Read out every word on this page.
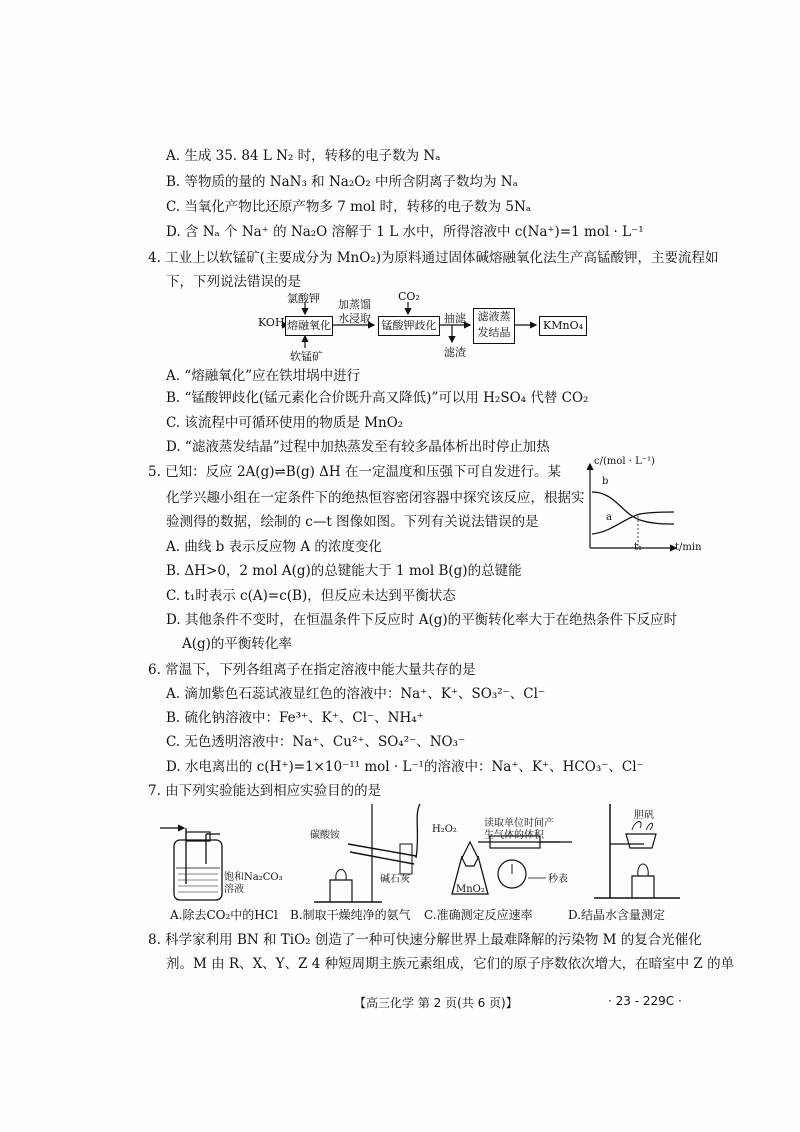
A. 生成 35. 84 L N₂ 时，转移的电子数为 Nₐ
B. 等物质的量的 NaN₃ 和 Na₂O₂ 中所含阴离子数均为 Nₐ
C. 当氧化产物比还原产物多 7 mol 时，转移的电子数为 5Nₐ
D. 含 Nₐ 个 Na⁺ 的 Na₂O 溶解于 1 L 水中，所得溶液中 c(Na⁺)=1 mol · L⁻¹
4. 工业上以软锰矿(主要成分为 MnO₂)为原料通过固体碱熔融氧化法生产高锰酸钾，主要流程如
下，下列说法错误的是
KOH
氯酸钾
熔融氧化
软锰矿
加蒸馏
水浸取
CO₂
锰酸钾歧化
抽滤
滤渣
滤液蒸
发结晶
KMnO₄
A. “熔融氧化”应在铁坩埚中进行
B. “锰酸钾歧化(锰元素化合价既升高又降低)”可以用 H₂SO₄ 代替 CO₂
C. 该流程中可循环使用的物质是 MnO₂
D. “滤液蒸发结晶”过程中加热蒸发至有较多晶体析出时停止加热
5. 已知：反应 2A(g)⇌B(g) ΔH 在一定温度和压强下可自发进行。某
化学兴趣小组在一定条件下的绝热恒容密闭容器中探究该反应，根据实
验测得的数据，绘制的 c—t 图像如图。下列有关说法错误的是
c/(mol · L⁻¹)
t/min
b
a
t₁
A. 曲线 b 表示反应物 A 的浓度变化
B. ΔH>0，2 mol A(g)的总键能大于 1 mol B(g)的总键能
C. t₁时表示 c(A)=c(B)，但反应未达到平衡状态
D. 其他条件不变时，在恒温条件下反应时 A(g)的平衡转化率大于在绝热条件下反应时
A(g)的平衡转化率
6. 常温下，下列各组离子在指定溶液中能大量共存的是
A. 滴加紫色石蕊试液显红色的溶液中：Na⁺、K⁺、SO₃²⁻、Cl⁻
B. 硫化钠溶液中：Fe³⁺、K⁺、Cl⁻、NH₄⁺
C. 无色透明溶液中：Na⁺、Cu²⁺、SO₄²⁻、NO₃⁻
D. 水电离出的 c(H⁺)=1×10⁻¹¹ mol · L⁻¹的溶液中：Na⁺、K⁺、HCO₃⁻、Cl⁻
7. 由下列实验能达到相应实验目的的是
饱和Na₂CO₃
溶液
碳酸铵
碱石灰
H₂O₂
读取单位时间产
生气体的体积
MnO₂
秒表
胆矾
A.除去CO₂中的HCl B.制取干燥纯净的氨气 C.准确测定反应速率	D.结晶水含量测定
8. 科学家利用 BN 和 TiO₂ 创造了一种可快速分解世界上最难降解的污染物 M 的复合光催化
剂。M 由 R、X、Y、Z 4 种短周期主族元素组成，它们的原子序数依次增大，在暗室中 Z 的单
【高三化学 第 2 页(共 6 页)】	· 23 - 229C ·
